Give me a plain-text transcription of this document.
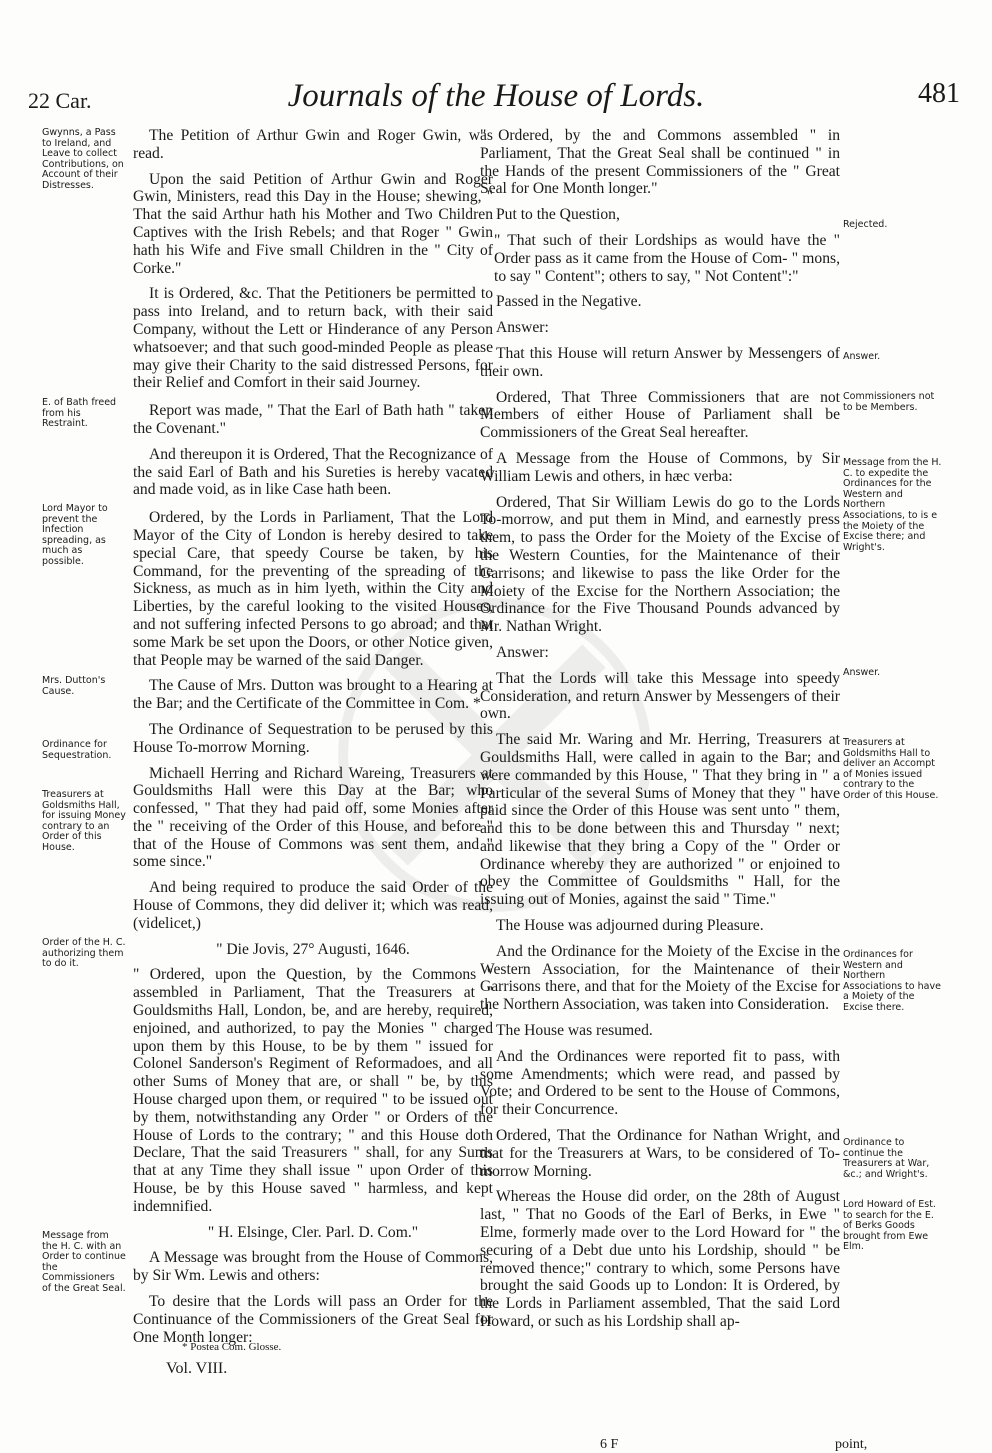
22 Car.	Journals of the House of Lords.	481
Gwynns, a Pass to Ireland, and Leave to collect Contributions, on Account of their Distresses.
E. of Bath freed from his Restraint.
Lord Mayor to prevent the Infection spreading, as much as possible.
Mrs. Dutton's Cause.
Ordinance for Sequestration.
Treasurers at Goldsmiths Hall, for issuing Money contrary to an Order of this House.
Order of the H. C. authorizing them to do it.
Message from the H. C. with an Order to continue the Commissioners of the Great Seal.

The Petition of Arthur Gwin and Roger Gwin, was read.

Upon the said Petition of Arthur Gwin and Roger Gwin, Ministers, read this Day in the House; shewing, " That the said Arthur hath his Mother and Two Children Captives with the Irish Rebels; and that Roger " Gwin hath his Wife and Five small Children in the " City of Corke."

It is Ordered, &c. That the Petitioners be permitted to pass into Ireland, and to return back, with their said Company, without the Lett or Hinderance of any Person whatsoever; and that such good-minded People as please may give their Charity to the said distressed Persons, for their Relief and Comfort in their said Journey.

Report was made, " That the Earl of Bath hath " taken the Covenant."

And thereupon it is Ordered, That the Recognizance of the said Earl of Bath and his Sureties is hereby vacated and made void, as in like Case hath been.

Ordered, by the Lords in Parliament, That the Lord Mayor of the City of London is hereby desired to take special Care, that speedy Course be taken, by his Command, for the preventing of the spreading of the Sickness, as much as in him lyeth, within the City and Liberties, by the careful looking to the visited Houses, and not suffering infected Persons to go abroad; and that some Mark be set upon the Doors, or other Notice given, that People may be warned of the said Danger.

The Cause of Mrs. Dutton was brought to a Hearing at the Bar; and the Certificate of the Committee in Com. *

The Ordinance of Sequestration to be perused by this House To-morrow Morning.

Michaell Herring and Richard Wareing, Treasurers at Gouldsmiths Hall were this Day at the Bar; who confessed, " That they had paid off, some Monies after the " receiving of the Order of this House, and before " that of the House of Commons was sent them, and " some since."

And being required to produce the said Order of the House of Commons, they did deliver it; which was read, (videlicet,)

" Die Jovis, 27° Augusti, 1646.

" Ordered, upon the Question, by the Commons " assembled in Parliament, That the Treasurers at " Gouldsmiths Hall, London, be, and are hereby, required, enjoined, and authorized, to pay the Monies " charged upon them by this House, to be by them " issued for Colonel Sanderson's Regiment of Reformadoes, and all other Sums of Money that are, or shall " be, by this House charged upon them, or required " to be issued out by them, notwithstanding any Order " or Orders of the House of Lords to the contrary; " and this House doth Declare, That the said Treasurers " shall, for any Sums that at any Time they shall issue " upon Order of this House, be by this House saved " harmless, and kept indemnified.

" H. Elsinge, Cler. Parl. D. Com."

A Message was brought from the House of Commons, by Sir Wm. Lewis and others:

To desire that the Lords will pass an Order for the Continuance of the Commissioners of the Great Seal for One Month longer:

" Ordered, by the and Commons assembled " in Parliament, That the Great Seal shall be continued " in the Hands of the present Commissioners of the " Great Seal for One Month longer."

Put to the Question,

" That such of their Lordships as would have the " Order pass as it came from the House of Com- " mons, to say " Content"; others to say, " Not Content":"

Passed in the Negative.

Answer:

That this House will return Answer by Messengers of their own.

Ordered, That Three Commissioners that are not Members of either House of Parliament shall be Commissioners of the Great Seal hereafter.

A Message from the House of Commons, by Sir William Lewis and others, in hæc verba:

Ordered, That Sir William Lewis do go to the Lords To-morrow, and put them in Mind, and earnestly press them, to pass the Order for the Moiety of the Excise of the Western Counties, for the Maintenance of their Garrisons; and likewise to pass the like Order for the Moiety of the Excise for the Northern Association; the Ordinance for the Five Thousand Pounds advanced by Mr. Nathan Wright.

Answer:

That the Lords will take this Message into speedy Consideration, and return Answer by Messengers of their own.

The said Mr. Waring and Mr. Herring, Treasurers at Gouldsmiths Hall, were called in again to the Bar; and were commanded by this House, " That they bring in " a Particular of the several Sums of Money that they " have paid since the Order of this House was sent unto " them, and this to be done between this and Thursday " next; and likewise that they bring a Copy of the " Order or Ordinance whereby they are authorized " or enjoined to obey the Committee of Gouldsmiths " Hall, for the issuing out of Monies, against the said " Time."

The House was adjourned during Pleasure.

And the Ordinance for the Moiety of the Excise in the Western Association, for the Maintenance of their Garrisons there, and that for the Moiety of the Excise for the Northern Association, was taken into Consideration.

The House was resumed.

And the Ordinances were reported fit to pass, with some Amendments; which were read, and passed by Vote; and Ordered to be sent to the House of Commons, for their Concurrence.

Ordered, That the Ordinance for Nathan Wright, and that for the Treasurers at Wars, to be considered of To-morrow Morning.

Whereas the House did order, on the 28th of August last, " That no Goods of the Earl of Berks, in Ewe " Elme, formerly made over to the Lord Howard for " the securing of a Debt due unto his Lordship, should " be removed thence;" contrary to which, some Persons have brought the said Goods up to London: It is Ordered, by the Lords in Parliament assembled, That the said Lord Howard, or such as his Lordship shall ap-

Rejected.
Answer.
Commissioners not to be Members.
Message from the H. C. to expedite the Ordinances for the Western and Northern Associations, to is e the Moiety of the Excise there; and Wright's.
Answer.
Treasurers at Goldsmiths Hall to deliver an Accompt of Monies issued contrary to the Order of this House.
Ordinances for Western and Northern Associations to have a Moiety of the Excise there.
Ordinance to continue the Treasurers at War, &c.; and Wright's.
Lord Howard of Est. to search for the E. of Berks Goods brought from Ewe Elm.
* Postea Com. Glosse.
Vol. VIII.
6 F	point,
